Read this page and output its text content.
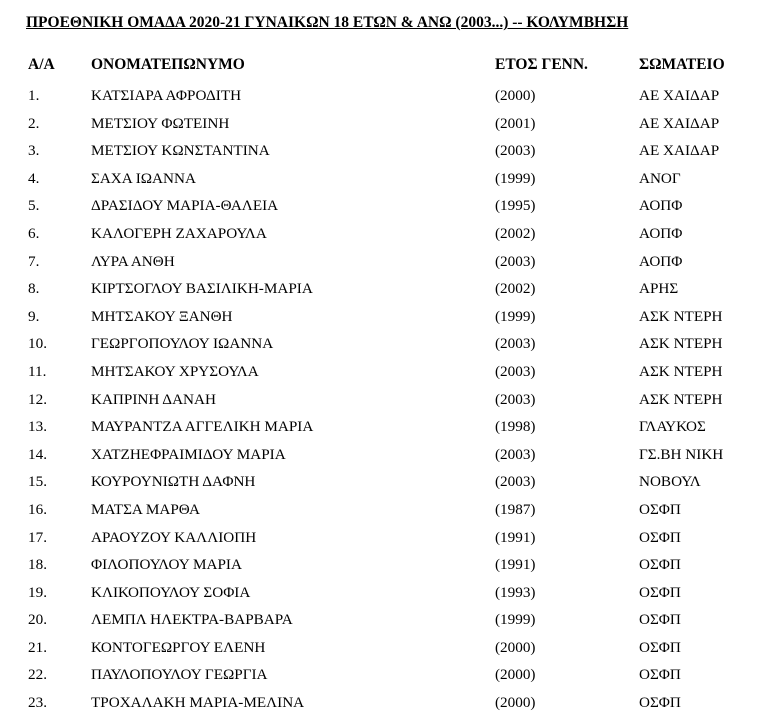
ΠΡΟΕΘΝΙΚΗ ΟΜΑΔΑ 2020-21 ΓΥΝΑΙΚΩΝ 18 ΕΤΩΝ & ΑΝΩ (2003...) -- ΚΟΛΥΜΒΗΣΗ
Α/Α ΟΝΟΜΑΤΕΠΩΝΥΜΟ	ΕΤΟΣ ΓΕΝΝ.	ΣΩΜΑΤΕΙΟ
1.	ΚΑΤΣΙΑΡΑ ΑΦΡΟΔΙΤΗ	(2000)	ΑΕ ΧΑΙΔΑΡ
2.	ΜΕΤΣΙΟΥ ΦΩΤΕΙΝΗ	(2001)	ΑΕ ΧΑΙΔΑΡ
3.	ΜΕΤΣΙΟΥ ΚΩΝΣΤΑΝΤΙΝΑ	(2003)	ΑΕ ΧΑΙΔΑΡ
4.	ΣΑΧΑ ΙΩΑΝΝΑ	(1999)	ΑΝΟΓ
5.	ΔΡΑΣΙΔΟΥ ΜΑΡΙΑ-ΘΑΛΕΙΑ	(1995)	ΑΟΠΦ
6.	ΚΑΛΟΓΕΡΗ ΖΑΧΑΡΟΥΛΑ	(2002)	ΑΟΠΦ
7.	ΛΥΡΑ ΑΝΘΗ	(2003)	ΑΟΠΦ
8.	ΚΙΡΤΣΟΓΛΟΥ ΒΑΣΙΛΙΚΗ-ΜΑΡΙΑ	(2002)	ΑΡΗΣ
9.	ΜΗΤΣΑΚΟΥ ΞΑΝΘΗ	(1999)	ΑΣΚ ΝΤΕΡΗ
10.	ΓΕΩΡΓΟΠΟΥΛΟΥ ΙΩΑΝΝΑ	(2003)	ΑΣΚ ΝΤΕΡΗ
11.	ΜΗΤΣΑΚΟΥ ΧΡΥΣΟΥΛΑ	(2003)	ΑΣΚ ΝΤΕΡΗ
12.	ΚΑΠΡΙΝΗ ΔΑΝΑΗ	(2003)	ΑΣΚ ΝΤΕΡΗ
13.	ΜΑΥΡΑΝΤΖΑ ΑΓΓΕΛΙΚΗ ΜΑΡΙΑ	(1998)	ΓΛΑΥΚΟΣ
14.	ΧΑΤΖΗΕΦΡΑΙΜΙΔΟΥ ΜΑΡΙΑ	(2003)	ΓΣ.ΒΗ ΝΙΚΗ
15.	ΚΟΥΡΟΥΝΙΩΤΗ ΔΑΦΝΗ	(2003)	ΝΟΒΟΥΛ
16.	ΜΑΤΣΑ ΜΑΡΘΑ	(1987)	ΟΣΦΠ
17.	ΑΡΑΟΥΖΟΥ ΚΑΛΛΙΟΠΗ	(1991)	ΟΣΦΠ
18.	ΦΙΛΟΠΟΥΛΟΥ ΜΑΡΙΑ	(1991)	ΟΣΦΠ
19.	ΚΛΙΚΟΠΟΥΛΟΥ ΣΟΦΙΑ	(1993)	ΟΣΦΠ
20.	ΛΕΜΠΛ ΗΛΕΚΤΡΑ-ΒΑΡΒΑΡΑ	(1999)	ΟΣΦΠ
21.	ΚΟΝΤΟΓΕΩΡΓΟΥ ΕΛΕΝΗ	(2000)	ΟΣΦΠ
22.	ΠΑΥΛΟΠΟΥΛΟΥ ΓΕΩΡΓΙΑ	(2000)	ΟΣΦΠ
23.	ΤΡΟΧΑΛΑΚΗ ΜΑΡΙΑ-ΜΕΛΙΝΑ	(2000)	ΟΣΦΠ
